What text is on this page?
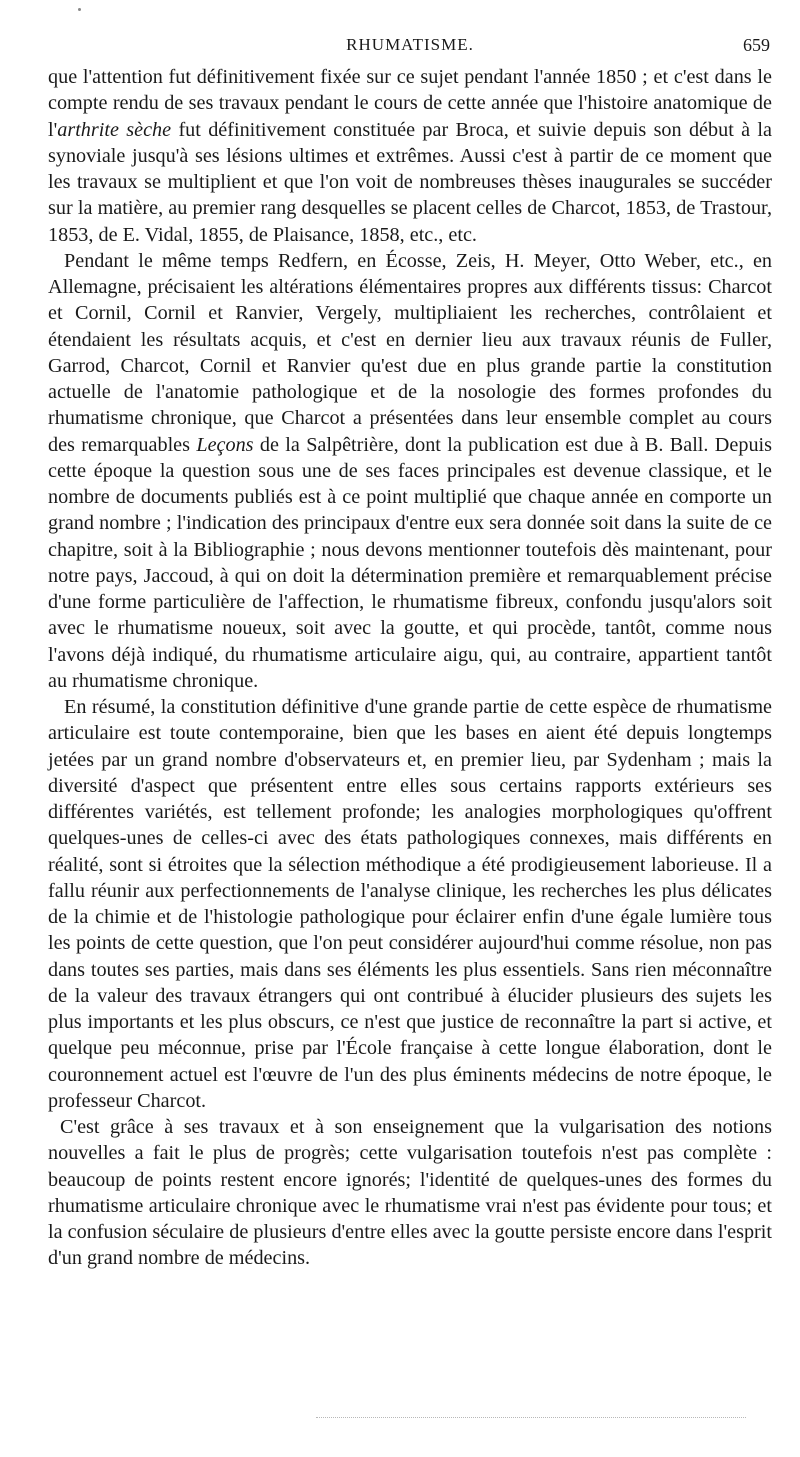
RHUMATISME.	659

que l'attention fut définitivement fixée sur ce sujet pendant l'année 1850 ; et c'est dans le compte rendu de ses travaux pendant le cours de cette année que l'histoire anatomique de l'arthrite sèche fut définitivement constituée par Broca, et suivie depuis son début à la synoviale jusqu'à ses lésions ultimes et extrêmes. Aussi c'est à partir de ce moment que les travaux se multiplient et que l'on voit de nombreuses thèses inaugurales se succéder sur la matière, au premier rang desquelles se placent celles de Charcot, 1853, de Trastour, 1853, de E. Vidal, 1855, de Plaisance, 1858, etc., etc.

Pendant le même temps Redfern, en Écosse, Zeis, H. Meyer, Otto Weber, etc., en Allemagne, précisaient les altérations élémentaires propres aux différents tissus: Charcot et Cornil, Cornil et Ranvier, Vergely, multipliaient les recherches, contrôlaient et étendaient les résultats acquis, et c'est en dernier lieu aux travaux réunis de Fuller, Garrod, Charcot, Cornil et Ranvier qu'est due en plus grande partie la constitution actuelle de l'anatomie pathologique et de la nosologie des formes profondes du rhumatisme chronique, que Charcot a présentées dans leur ensemble complet au cours des remarquables Leçons de la Salpêtrière, dont la publication est due à B. Ball. Depuis cette époque la question sous une de ses faces principales est devenue classique, et le nombre de documents publiés est à ce point multiplié que chaque année en comporte un grand nombre ; l'indication des principaux d'entre eux sera donnée soit dans la suite de ce chapitre, soit à la Bibliographie ; nous devons mentionner toutefois dès maintenant, pour notre pays, Jaccoud, à qui on doit la détermination première et remarquablement précise d'une forme particulière de l'affection, le rhumatisme fibreux, confondu jusqu'alors soit avec le rhumatisme noueux, soit avec la goutte, et qui procède, tantôt, comme nous l'avons déjà indiqué, du rhumatisme articulaire aigu, qui, au contraire, appartient tantôt au rhumatisme chronique.

En résumé, la constitution définitive d'une grande partie de cette espèce de rhumatisme articulaire est toute contemporaine, bien que les bases en aient été depuis longtemps jetées par un grand nombre d'observateurs et, en premier lieu, par Sydenham ; mais la diversité d'aspect que présentent entre elles sous certains rapports extérieurs ses différentes variétés, est tellement profonde; les analogies morphologiques qu'offrent quelques-unes de celles-ci avec des états pathologiques connexes, mais différents en réalité, sont si étroites que la sélection méthodique a été prodigieusement laborieuse. Il a fallu réunir aux perfectionnements de l'analyse clinique, les recherches les plus délicates de la chimie et de l'histologie pathologique pour éclairer enfin d'une égale lumière tous les points de cette question, que l'on peut considérer aujourd'hui comme résolue, non pas dans toutes ses parties, mais dans ses éléments les plus essentiels. Sans rien méconnaître de la valeur des travaux étrangers qui ont contribué à élucider plusieurs des sujets les plus importants et les plus obscurs, ce n'est que justice de reconnaître la part si active, et quelque peu méconnue, prise par l'École française à cette longue élaboration, dont le couronnement actuel est l'œuvre de l'un des plus éminents médecins de notre époque, le professeur Charcot.

C'est grâce à ses travaux et à son enseignement que la vulgarisation des notions nouvelles a fait le plus de progrès; cette vulgarisation toutefois n'est pas complète : beaucoup de points restent encore ignorés; l'identité de quelques-unes des formes du rhumatisme articulaire chronique avec le rhumatisme vrai n'est pas évidente pour tous; et la confusion séculaire de plusieurs d'entre elles avec la goutte persiste encore dans l'esprit d'un grand nombre de médecins.
